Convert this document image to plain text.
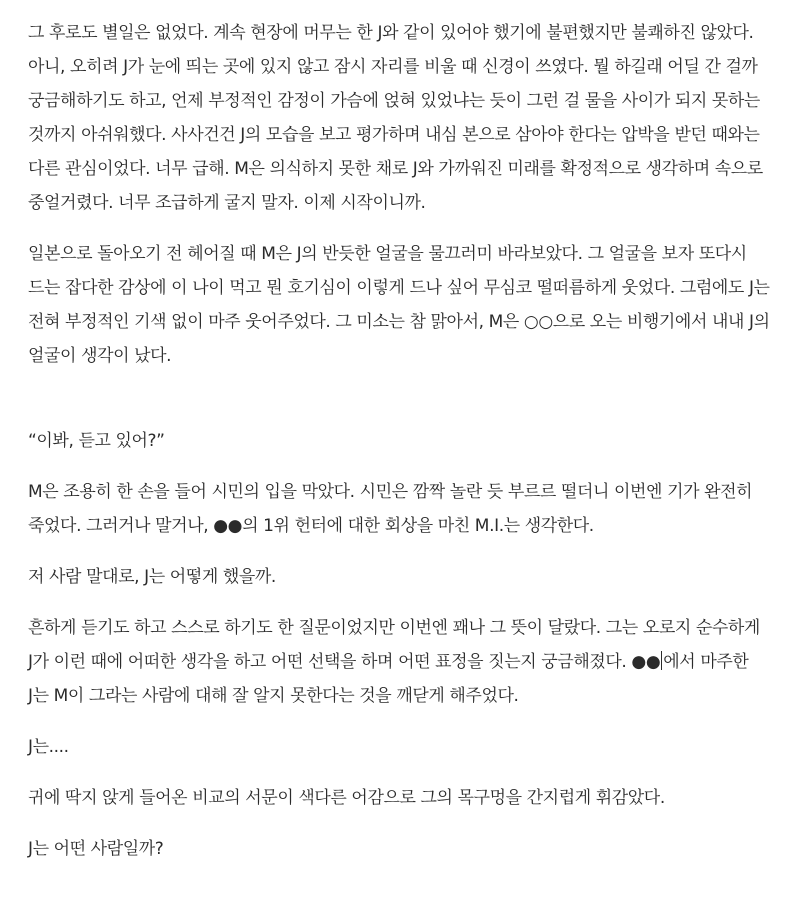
그 후로도 별일은 없었다. 계속 현장에 머무는 한 J와 같이 있어야 했기에 불편했지만 불쾌하진 않았다. 아니, 오히려 J가 눈에 띄는 곳에 있지 않고 잠시 자리를 비울 때 신경이 쓰였다. 뭘 하길래 어딜 간 걸까 궁금해하기도 하고, 언제 부정적인 감정이 가슴에 얹혀 있었냐는 듯이 그런 걸 물을 사이가 되지 못하는 것까지 아쉬워했다. 사사건건 J의 모습을 보고 평가하며 내심 본으로 삼아야 한다는 압박을 받던 때와는 다른 관심이었다. 너무 급해. M은 의식하지 못한 채로 J와 가까워진 미래를 확정적으로 생각하며 속으로 중얼거렸다. 너무 조급하게 굴지 말자. 이제 시작이니까.

일본으로 돌아오기 전 헤어질 때 M은 J의 반듯한 얼굴을 물끄러미 바라보았다. 그 얼굴을 보자 또다시 드는 잡다한 감상에 이 나이 먹고 뭔 호기심이 이렇게 드나 싶어 무심코 떨떠름하게 웃었다. 그럼에도 J는 전혀 부정적인 기색 없이 마주 웃어주었다. 그 미소는 참 맑아서, M은 ○○으로 오는 비행기에서 내내 J의 얼굴이 생각이 났다.

“이봐, 듣고 있어?”

M은 조용히 한 손을 들어 시민의 입을 막았다. 시민은 깜짝 놀란 듯 부르르 떨더니 이번엔 기가 완전히 죽었다. 그러거나 말거나, ●●의 1위 헌터에 대한 회상을 마친 M.I.는 생각한다.

저 사람 말대로, J는 어떻게 했을까.

흔하게 듣기도 하고 스스로 하기도 한 질문이었지만 이번엔 꽤나 그 뜻이 달랐다. 그는 오로지 순수하게 J가 이런 때에 어떠한 생각을 하고 어떤 선택을 하며 어떤 표정을 짓는지 궁금해졌다. ●● 에서 마주한 J는 M이 그라는 사람에 대해 잘 알지 못한다는 것을 깨닫게 해주었다.

J는....

귀에 딱지 앉게 들어온 비교의 서문이 색다른 어감으로 그의 목구멍을 간지럽게 휘감았다.

J는 어떤 사람일까?
